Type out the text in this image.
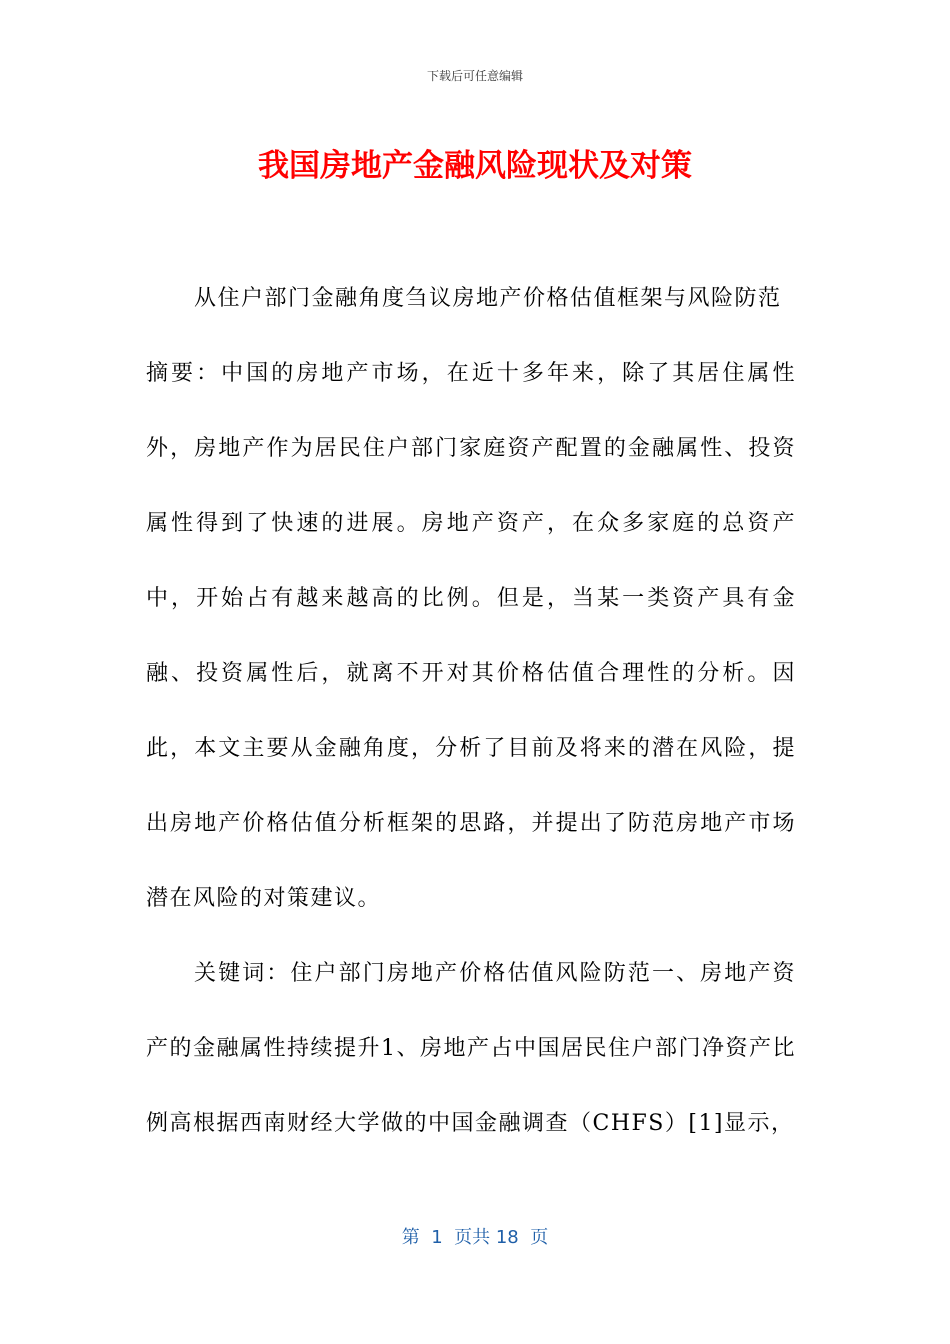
下载后可任意编辑
我国房地产金融风险现状及对策

从住户部门金融角度刍议房地产价格估值框架与风险防范

摘要：中国的房地产市场，在近十多年来，除了其居住属性外，房地产作为居民住户部门家庭资产配置的金融属性、投资属性得到了快速的进展。房地产资产，在众多家庭的总资产中，开始占有越来越高的比例。但是，当某一类资产具有金融、投资属性后，就离不开对其价格估值合理性的分析。因此，本文主要从金融角度，分析了目前及将来的潜在风险，提出房地产价格估值分析框架的思路，并提出了防范房地产市场潜在风险的对策建议。

关键词：住户部门房地产价格估值风险防范一、房地产资产的金融属性持续提升1、房地产占中国居民住户部门净资产比例高根据西南财经大学做的中国金融调查（CHFS）[1]显示，

第  1  页共 18  页
